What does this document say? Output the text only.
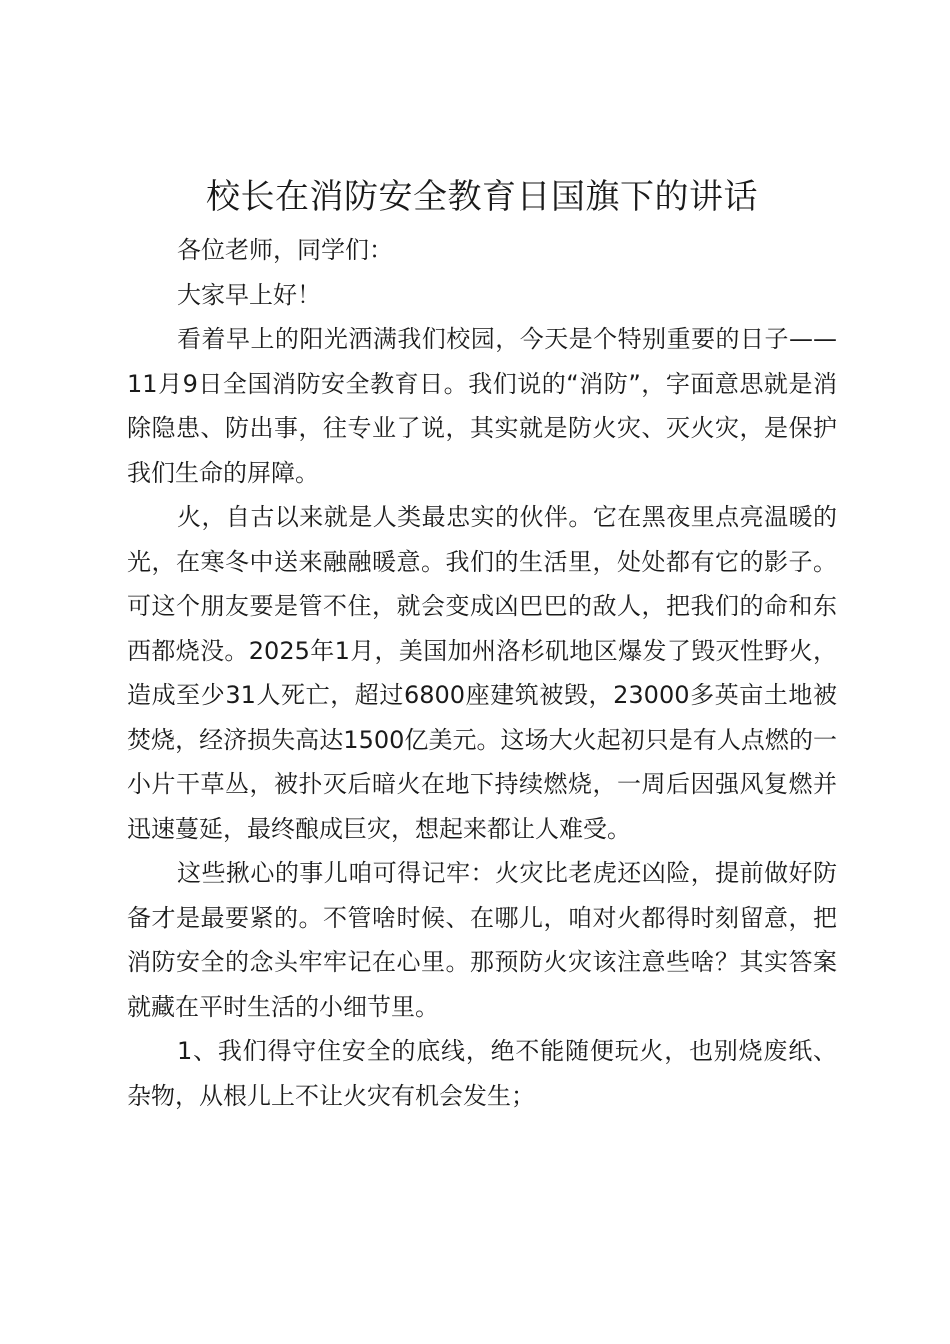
校长在消防安全教育日国旗下的讲话

各位老师，同学们：

大家早上好！

看着早上的阳光洒满我们校园，今天是个特别重要的日子——11月9日全国消防安全教育日。我们说的“消防”，字面意思就是消除隐患、防出事，往专业了说，其实就是防火灾、灭火灾，是保护我们生命的屏障。

火，自古以来就是人类最忠实的伙伴。它在黑夜里点亮温暖的光，在寒冬中送来融融暖意。我们的生活里，处处都有它的影子。可这个朋友要是管不住，就会变成凶巴巴的敌人，把我们的命和东西都烧没。2025年1月，美国加州洛杉矶地区爆发了毁灭性野火，造成至少31人死亡，超过6800座建筑被毁，23000多英亩土地被焚烧，经济损失高达1500亿美元。这场大火起初只是有人点燃的一小片干草丛，被扑灭后暗火在地下持续燃烧，一周后因强风复燃并迅速蔓延，最终酿成巨灾，想起来都让人难受。

这些揪心的事儿咱可得记牢：火灾比老虎还凶险，提前做好防备才是最要紧的。不管啥时候、在哪儿，咱对火都得时刻留意，把消防安全的念头牢牢记在心里。那预防火灾该注意些啥？其实答案就藏在平时生活的小细节里。

1、我们得守住安全的底线，绝不能随便玩火，也别烧废纸、杂物，从根儿上不让火灾有机会发生；
